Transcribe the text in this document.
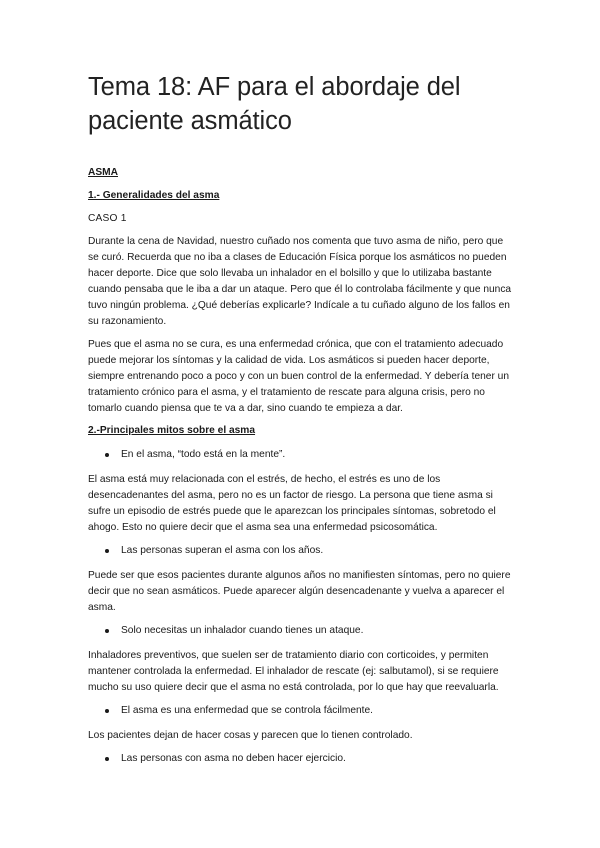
Tema 18: AF para el abordaje del paciente asmático
ASMA
1.- Generalidades del asma
CASO 1

Durante la cena de Navidad, nuestro cuñado nos comenta que tuvo asma de niño, pero que se curó. Recuerda que no iba a clases de Educación Física porque los asmáticos no pueden hacer deporte. Dice que solo llevaba un inhalador en el bolsillo y que lo utilizaba bastante cuando pensaba que le iba a dar un ataque. Pero que él lo controlaba fácilmente y que nunca tuvo ningún problema. ¿Qué deberías explicarle? Indícale a tu cuñado alguno de los fallos en su razonamiento.

Pues que el asma no se cura, es una enfermedad crónica, que con el tratamiento adecuado puede mejorar los síntomas y la calidad de vida. Los asmáticos si pueden hacer deporte, siempre entrenando poco a poco y con un buen control de la enfermedad. Y debería tener un tratamiento crónico para el asma, y el tratamiento de rescate para alguna crisis, pero no tomarlo cuando piensa que te va a dar, sino cuando te empieza a dar.

2.-Principales mitos sobre el asma
En el asma, “todo está en la mente”.

El asma está muy relacionada con el estrés, de hecho, el estrés es uno de los desencadenantes del asma, pero no es un factor de riesgo. La persona que tiene asma si sufre un episodio de estrés puede que le aparezcan los principales síntomas, sobretodo el ahogo. Esto no quiere decir que el asma sea una enfermedad psicosomática.

Las personas superan el asma con los años.

Puede ser que esos pacientes durante algunos años no manifiesten síntomas, pero no quiere decir que no sean asmáticos. Puede aparecer algún desencadenante y vuelva a aparecer el asma.

Solo necesitas un inhalador cuando tienes un ataque.

Inhaladores preventivos, que suelen ser de tratamiento diario con corticoides, y permiten mantener controlada la enfermedad. El inhalador de rescate (ej: salbutamol), si se requiere mucho su uso quiere decir que el asma no está controlada, por lo que hay que reevaluarla.

El asma es una enfermedad que se controla fácilmente.

Los pacientes dejan de hacer cosas y parecen que lo tienen controlado.

Las personas con asma no deben hacer ejercicio.
